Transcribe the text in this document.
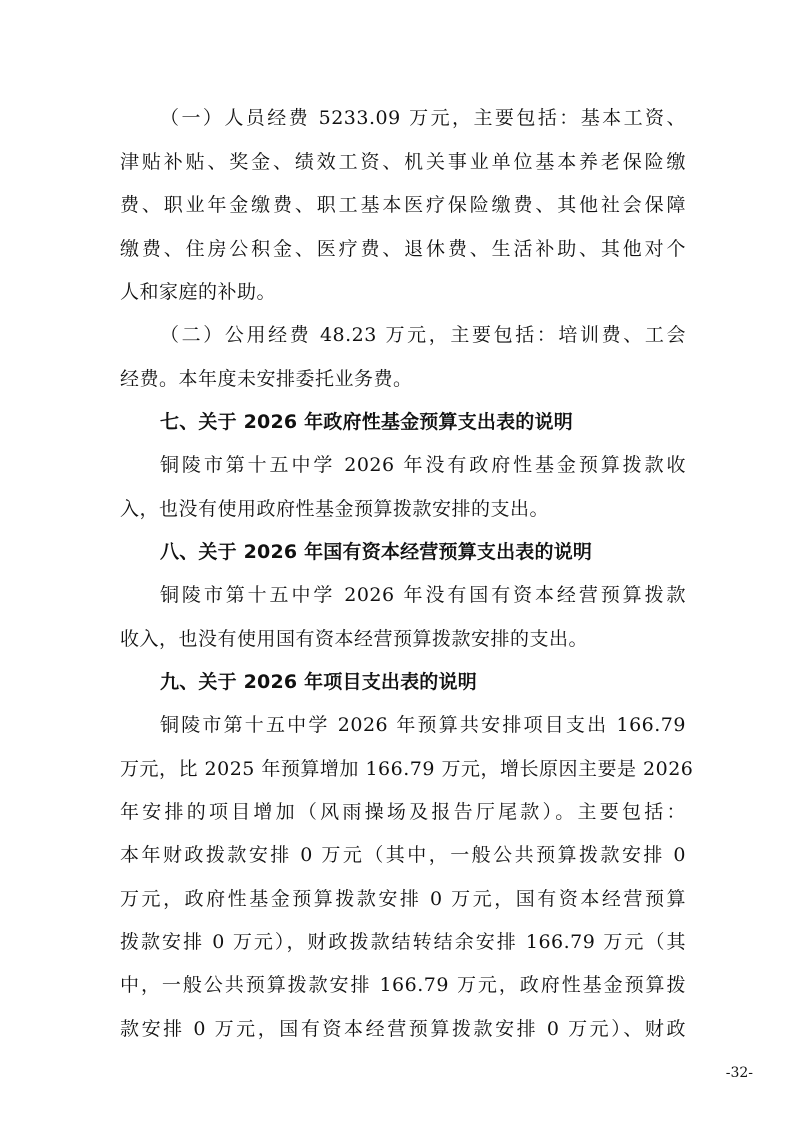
（一）人员经费 5233.09 万元，主要包括：基本工资、
津贴补贴、奖金、绩效工资、机关事业单位基本养老保险缴
费、职业年金缴费、职工基本医疗保险缴费、其他社会保障
缴费、住房公积金、医疗费、退休费、生活补助、其他对个
人和家庭的补助。
（二）公用经费 48.23 万元，主要包括：培训费、工会
经费。本年度未安排委托业务费。
七、关于 2026 年政府性基金预算支出表的说明
铜陵市第十五中学 2026 年没有政府性基金预算拨款收
入，也没有使用政府性基金预算拨款安排的支出。
八、关于 2026 年国有资本经营预算支出表的说明
铜陵市第十五中学 2026 年没有国有资本经营预算拨款
收入，也没有使用国有资本经营预算拨款安排的支出。
九、关于 2026 年项目支出表的说明
铜陵市第十五中学 2026 年预算共安排项目支出 166.79
万元，比 2025 年预算增加 166.79 万元，增长原因主要是 2026
年安排的项目增加（风雨操场及报告厅尾款）。主要包括：
本年财政拨款安排 0 万元（其中，一般公共预算拨款安排 0
万元，政府性基金预算拨款安排 0 万元，国有资本经营预算
拨款安排 0 万元），财政拨款结转结余安排 166.79 万元（其
中，一般公共预算拨款安排 166.79 万元，政府性基金预算拨
款安排 0 万元，国有资本经营预算拨款安排 0 万元）、财政
-32-
